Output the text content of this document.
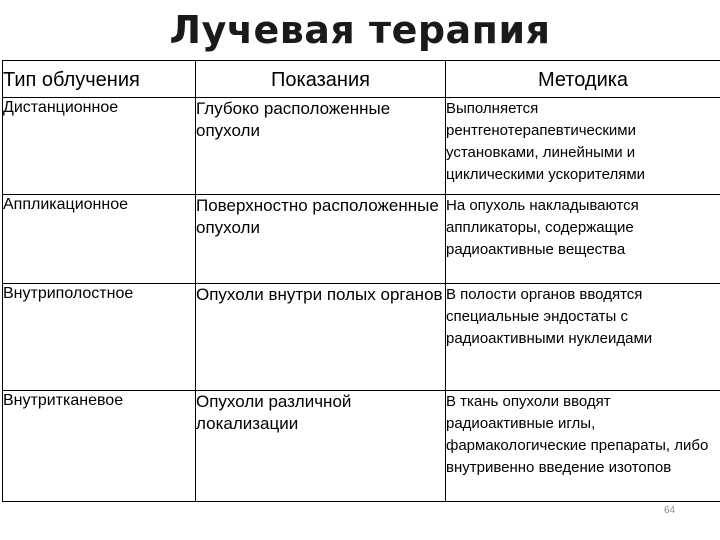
Лучевая терапия
Тип облучения	Показания	Методика
Дистанционное	Глубоко расположенные опухоли	Выполняется рентгенотерапевтическими установками, линейными и циклическими ускорителями
Аппликационное	Поверхностно расположенные опухоли	На опухоль накладываются аппликаторы, содержащие радиоактивные вещества
Внутриполостное	Опухоли внутри полых органов	В полости органов вводятся специальные эндостаты с радиоактивными нуклеидами
Внутритканевое	Опухоли различной локализации	В ткань опухоли вводят радиоактивные иглы, фармакологические препараты, либо внутривенно введение изотопов
64
